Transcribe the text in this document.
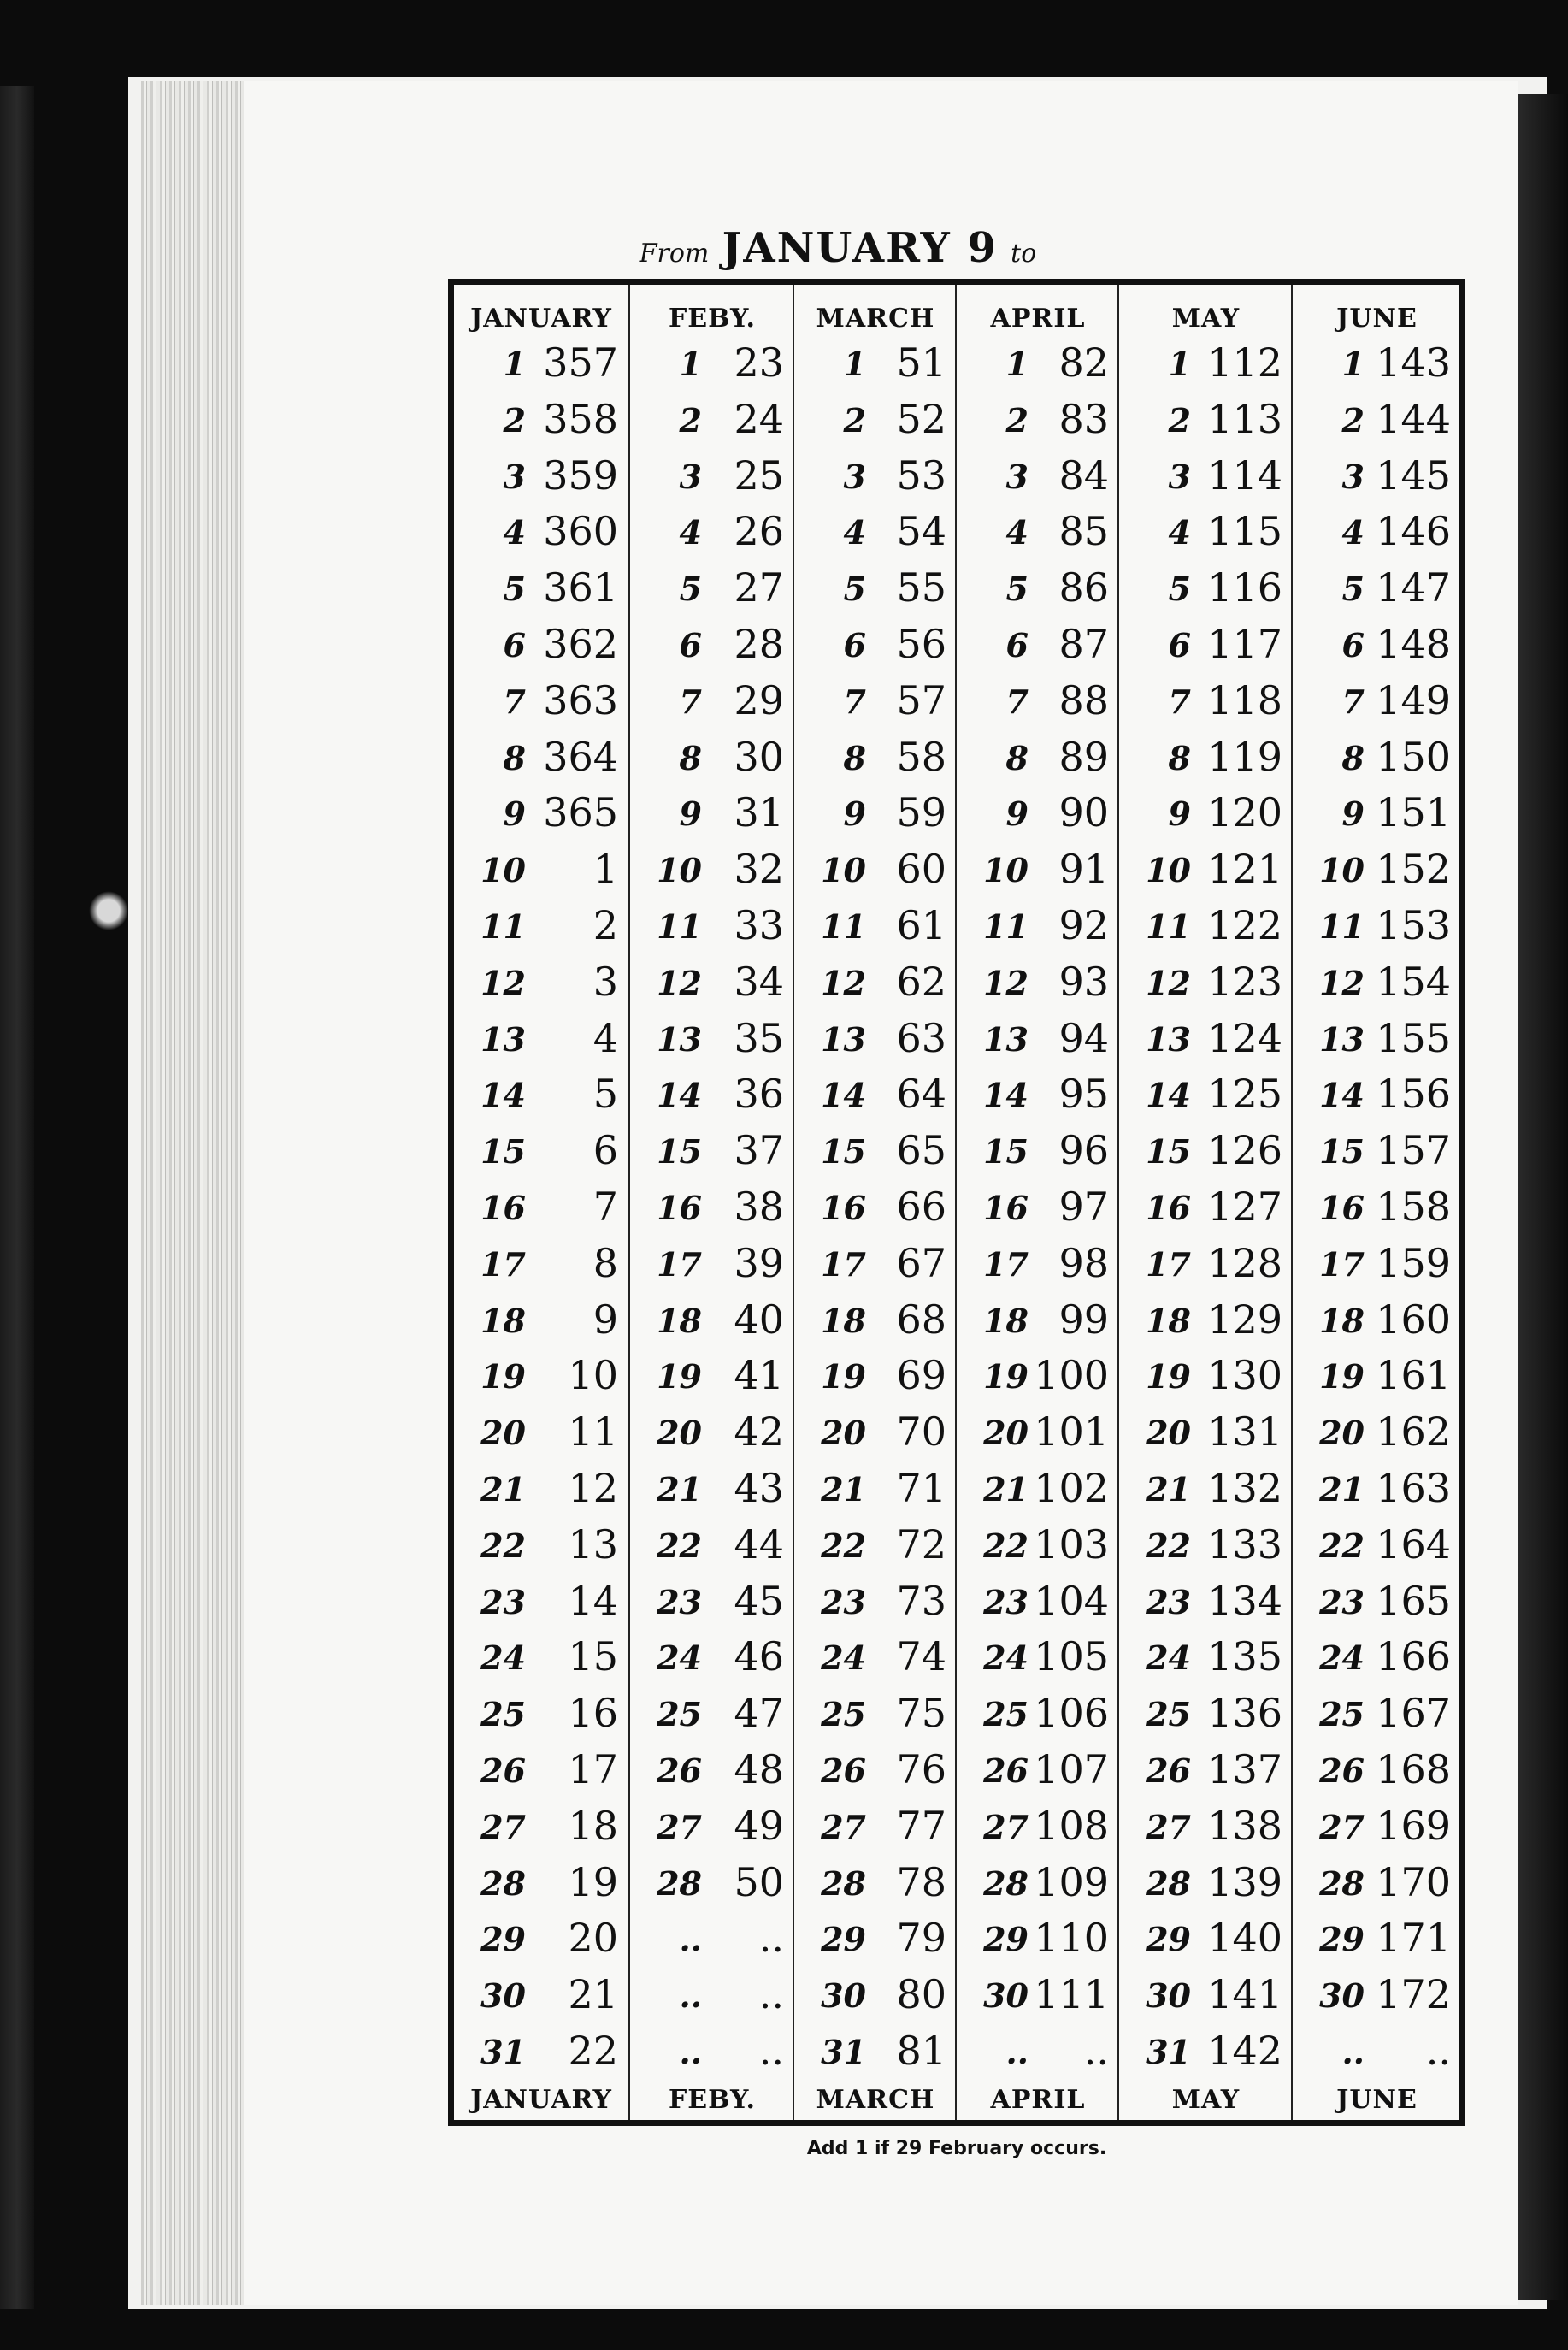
From JANUARY 9 to
JANUARY
1 357
2 358
3 359
4 360
5 361
6 362
7 363
8 364
9 365
10	1
11	2
12	3
13	4
14	5
15	6
16	7
17	8
18	9
19	10
20	11
21	12
22	13
23	14
24	15
25	16
26	17
27	18
28	19
29	20
30	21
31	22
JANUARY
FEBY.
1 23
2 24
3 25
4 26
5 27
6 28
7 29
8 30
9 31
10 32
11 33
12 34
13 35
14 36
15 37
16 38
17 39
18 40
19 41
20 42
21 43
22 44
23 45
24 46
25 47
26 48
27 49
28 50
..	..
..	..
..	..
FEBY.
MARCH
1 51
2 52
3 53
4 54
5 55
6 56
7 57
8 58
9 59
10 60
11 61
12 62
13 63
14 64
15 65
16 66
17 67
18 68
19 69
20 70
21 71
22 72
23 73
24 74
25 75
26 76
27 77
28 78
29 79
30 80
31 81
MARCH
APRIL
1 82
2 83
3 84
4 85
5 86
6 87
7 88
8 89
9 90
10 91
11 92
12 93
13 94
14 95
15 96
16 97
17 98
18 99
19 100
20 101
21 102
22 103
23 104
24 105
25 106
26 107
27 108
28 109
29 110
30 111
..	..
APRIL
MAY
1 112
2 113
3 114
4 115
5 116
6 117
7 118
8 119
9 120
10 121
11 122
12 123
13 124
14 125
15 126
16 127
17 128
18 129
19 130
20 131
21 132
22 133
23 134
24 135
25 136
26 137
27 138
28 139
29 140
30 141
31 142
MAY
JUNE
1 143
2 144
3 145
4 146
5 147
6 148
7 149
8 150
9 151
10 152
11 153
12 154
13 155
14 156
15 157
16 158
17 159
18 160
19 161
20 162
21 163
22 164
23 165
24 166
25 167
26 168
27 169
28 170
29 171
30 172
..	..
JUNE
Add 1 if 29 February occurs.
